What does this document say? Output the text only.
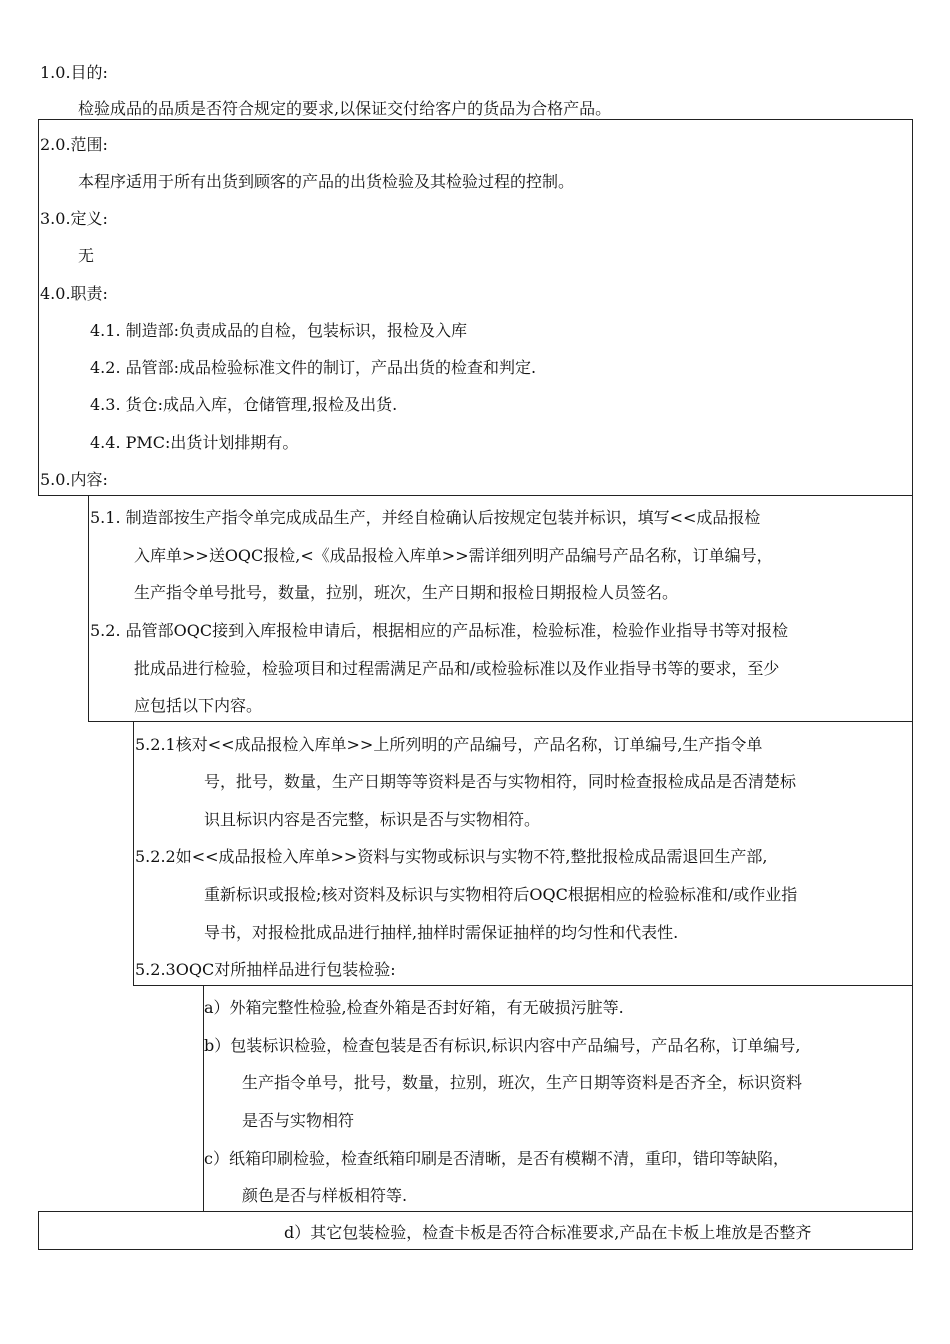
1.0.目的:
检验成品的品质是否符合规定的要求,以保证交付给客户的货品为合格产品。
2.0.范围:
本程序适用于所有出货到顾客的产品的出货检验及其检验过程的控制。
3.0.定义:
无
4.0.职责:
4.1. 制造部:负责成品的自检，包装标识，报检及入库
4.2. 品管部:成品检验标准文件的制订，产品出货的检查和判定.
4.3. 货仓:成品入库，仓储管理,报检及出货.
4.4. PMC:出货计划排期有。
5.0.内容:
5.1. 制造部按生产指令单完成成品生产，并经自检确认后按规定包装并标识，填写<<成品报检
入库单>>送OQC报检,<《成品报检入库单>>需详细列明产品编号产品名称，订单编号，
生产指令单号批号，数量，拉别，班次，生产日期和报检日期报检人员签名。
5.2. 品管部OQC接到入库报检申请后，根据相应的产品标准，检验标准，检验作业指导书等对报检
批成品进行检验，检验项目和过程需满足产品和/或检验标准以及作业指导书等的要求，至少
应包括以下内容。
5.2.1核对<<成品报检入库单>>上所列明的产品编号，产品名称，订单编号,生产指令单
号，批号，数量，生产日期等等资料是否与实物相符，同时检查报检成品是否清楚标
识且标识内容是否完整，标识是否与实物相符。
5.2.2如<<成品报检入库单>>资料与实物或标识与实物不符,整批报检成品需退回生产部,
重新标识或报检;核对资料及标识与实物相符后OQC根据相应的检验标准和/或作业指
导书，对报检批成品进行抽样,抽样时需保证抽样的均匀性和代表性.
5.2.3OQC对所抽样品进行包装检验:
a）外箱完整性检验,检查外箱是否封好箱，有无破损污脏等.
b）包装标识检验，检查包装是否有标识,标识内容中产品编号，产品名称，订单编号,
生产指令单号，批号，数量，拉别，班次，生产日期等资料是否齐全，标识资料
是否与实物相符
c）纸箱印刷检验，检查纸箱印刷是否清晰，是否有模糊不清，重印，错印等缺陷，
颜色是否与样板相符等.
d）其它包装检验，检查卡板是否符合标准要求,产品在卡板上堆放是否整齐
